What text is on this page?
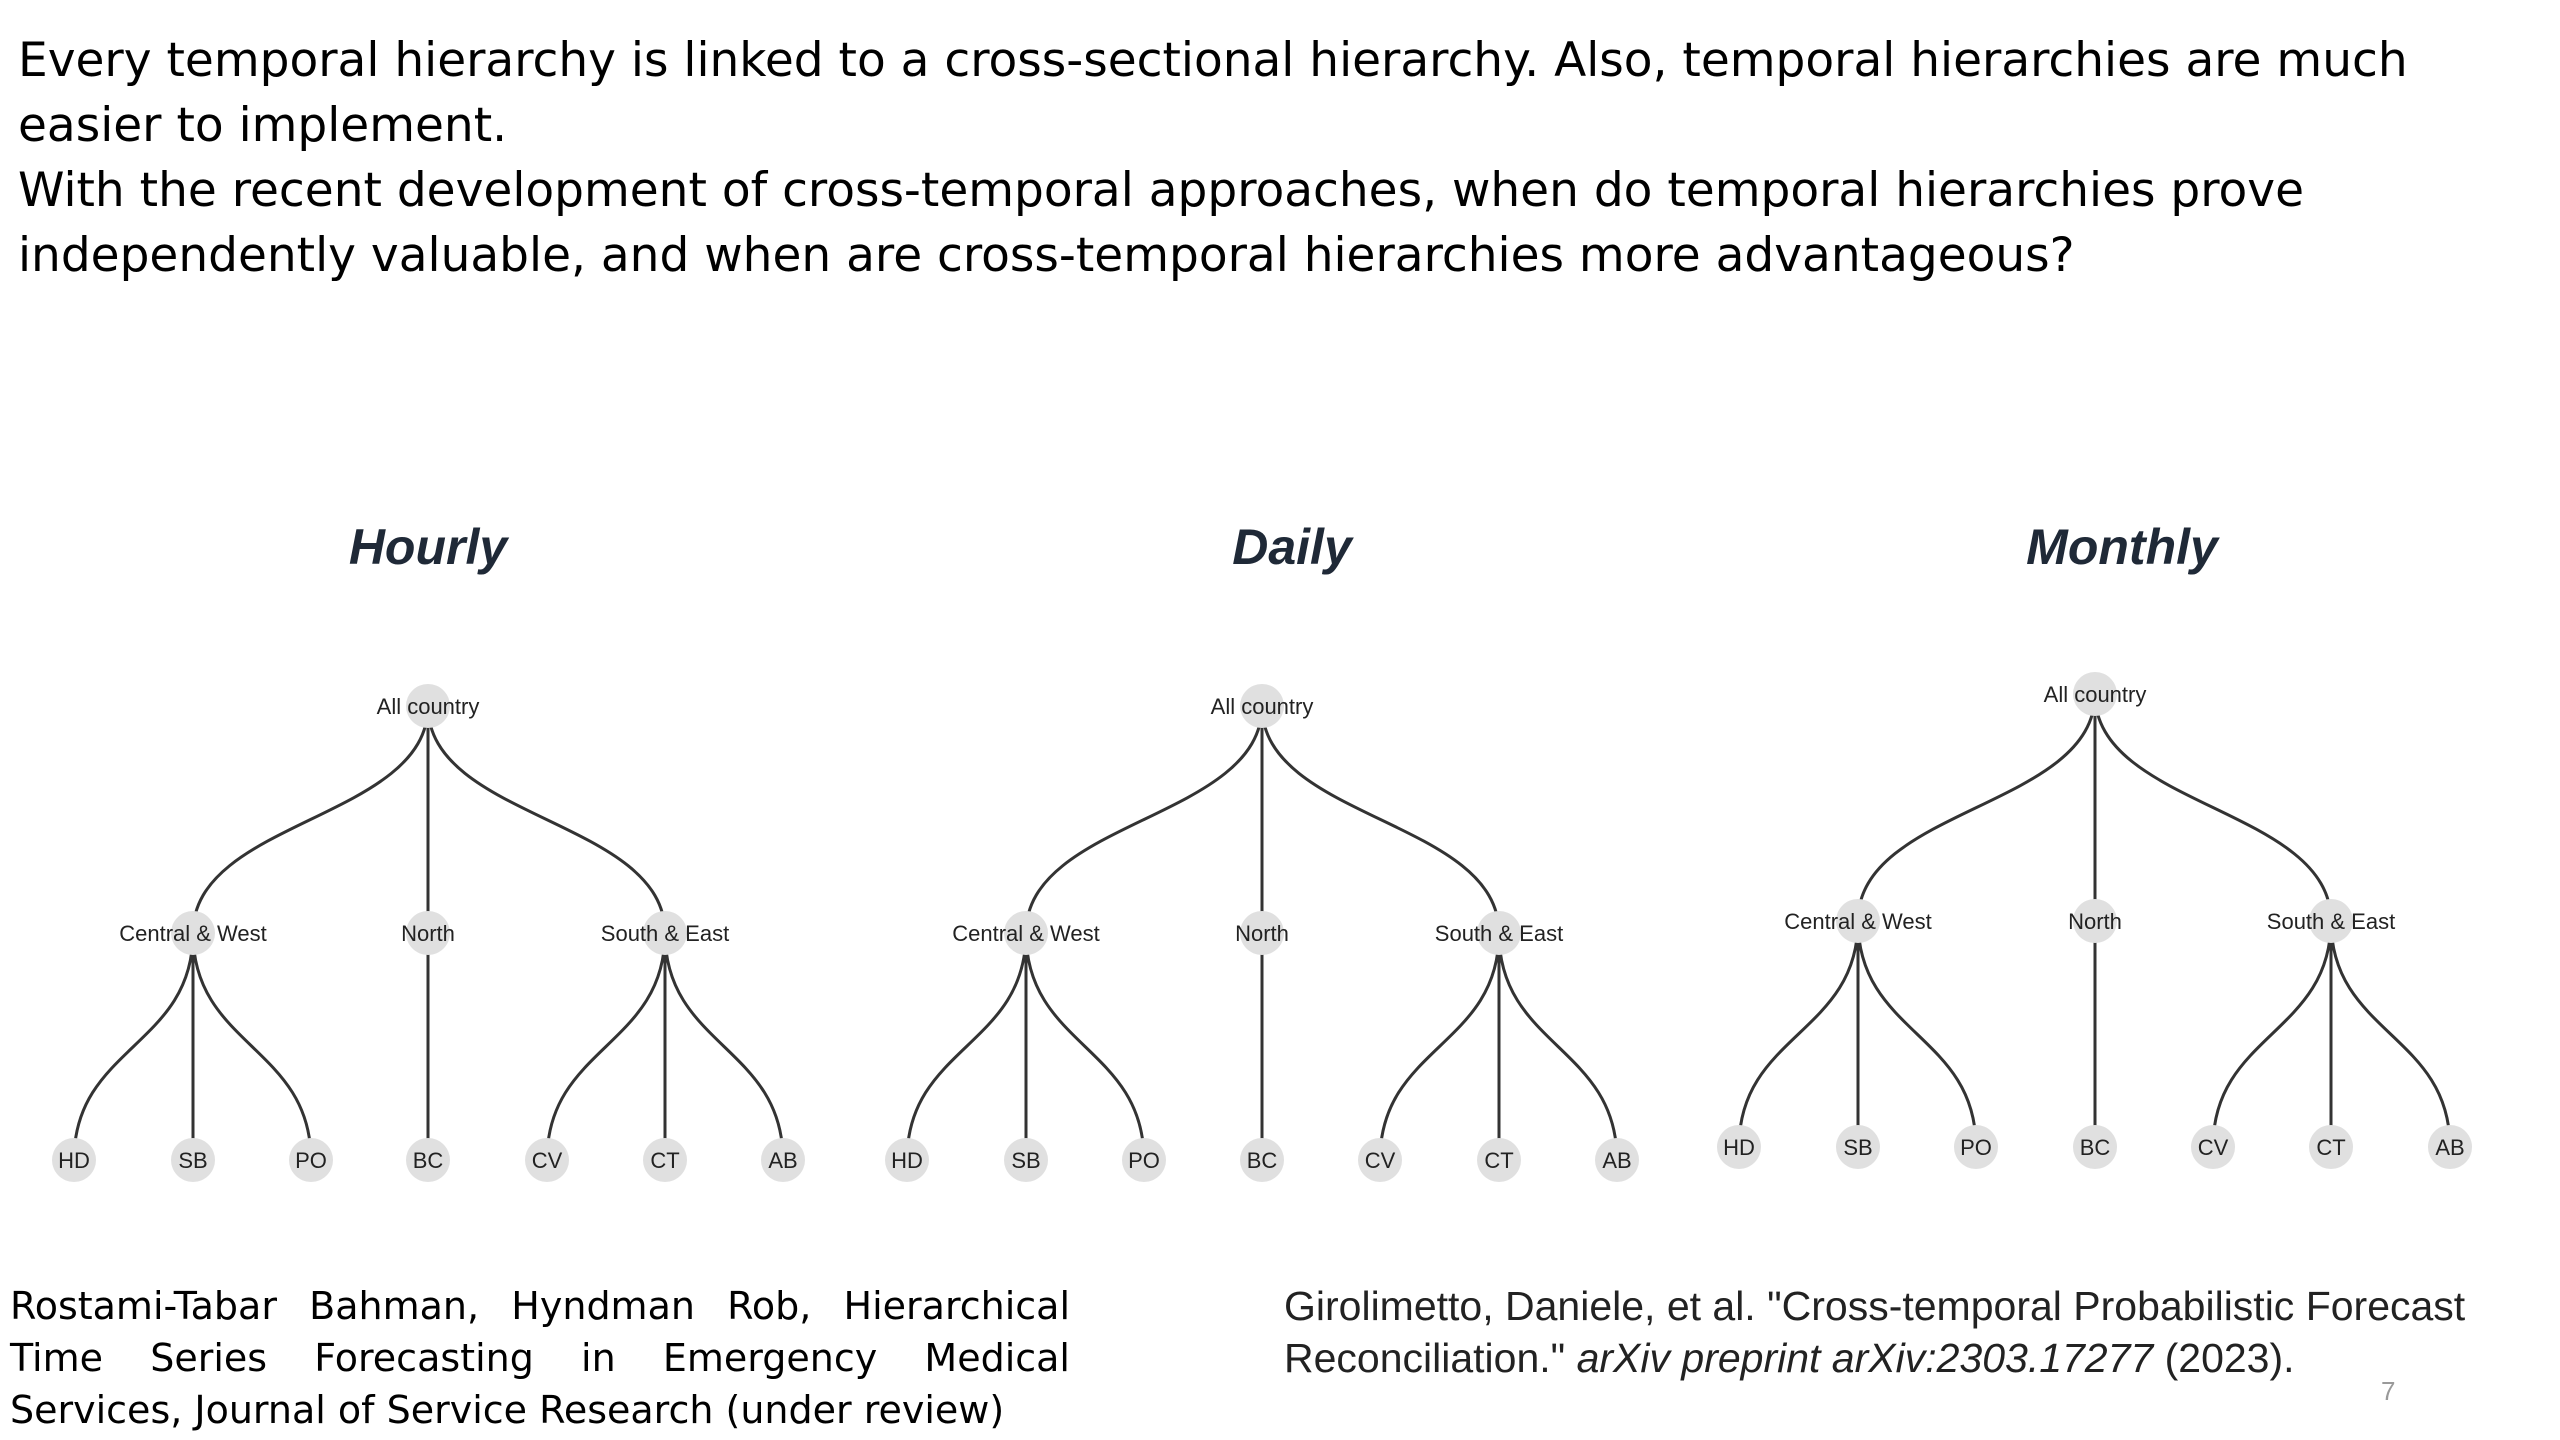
Every temporal hierarchy is linked to a cross-sectional hierarchy. Also, temporal hierarchies are much easier to implement.

With the recent development of cross-temporal approaches, when do temporal hierarchies prove independently valuable, and when are cross-temporal hierarchies more advantageous?

Hourly	Daily	Monthly
All country
Central & West
HD	SB	PO
North
BC
South & East
CV	CT	AB
All country
Central & West
HD	SB	PO
North
BC
South & East
CV	CT	AB
All country
Central & West
HD	SB	PO
North
BC
South & East
CV	CT	AB
Rostami-Tabar Bahman, Hyndman Rob, Hierarchical Time Series Forecasting in Emergency Medical Services, Journal of Service Research (under review)
Girolimetto, Daniele, et al. "Cross-temporal Probabilistic Forecast Reconciliation." arXiv preprint arXiv:2303.17277 (2023).
7
